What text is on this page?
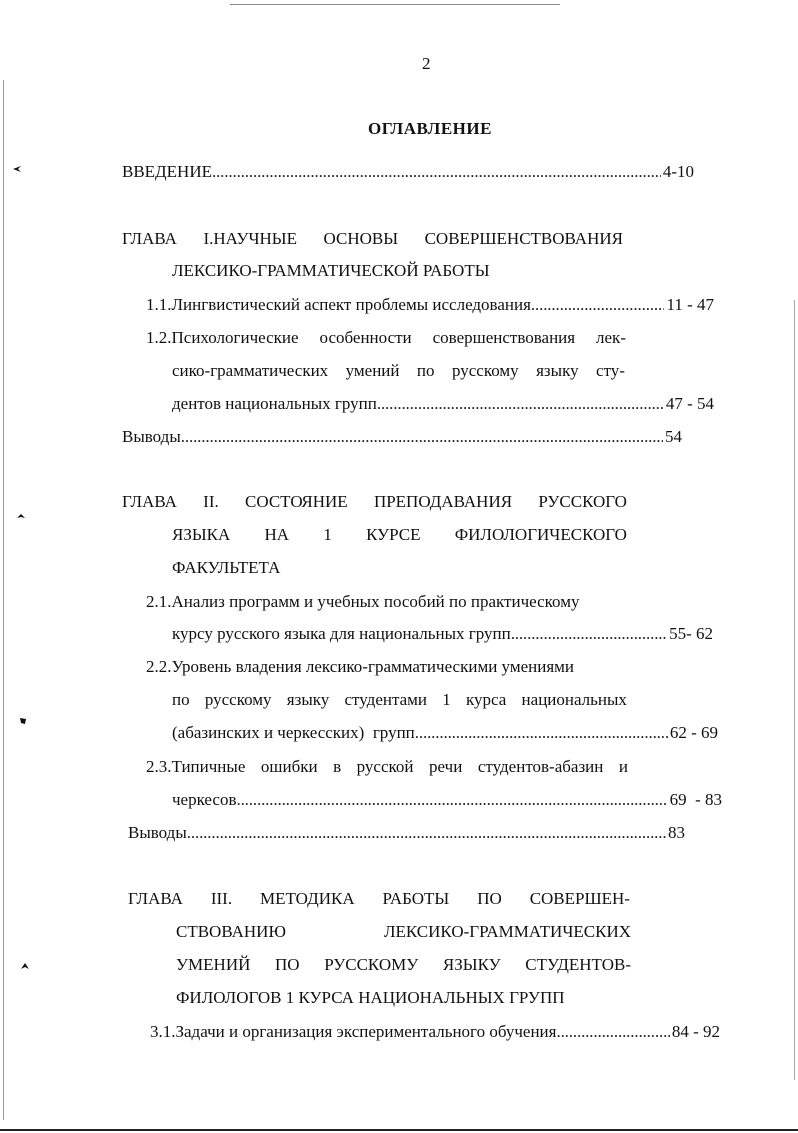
2
ОГЛАВЛЕНИЕ
ВВЕДЕНИЕ . . .	4-10
ГЛАВА I.НАУЧНЫЕ ОСНОВЫ СОВЕРШЕНСТВОВАНИЯ
ЛЕКСИКО-ГРАММАТИЧЕСКОЙ РАБОТЫ
1.1.Лингвистический аспект проблемы исследования . . .	11 - 47
1.2.Психологические особенности совершенствования лек-
сико-грамматических умений по русскому языку сту-
дентов национальных групп . . .	47 - 54
Выводы . . .	54
ГЛАВА II. СОСТОЯНИЕ ПРЕПОДАВАНИЯ РУССКОГО
ЯЗЫКА НА 1 КУРСЕ ФИЛОЛОГИЧЕСКОГО
ФАКУЛЬТЕТА
2.1.Анализ программ и учебных пособий по практическому
курсу русского языка для национальных групп . . .	55- 62
2.2.Уровень владения лексико-грамматическими умениями
по русскому языку студентами 1 курса национальных
(абазинских и черкесских)  групп . . .	62 - 69
2.3.Типичные ошибки в русской речи студентов-абазин и
черкесов . . .	69  - 83
Выводы . . .	83
ГЛАВА III. МЕТОДИКА РАБОТЫ ПО СОВЕРШЕН-
СТВОВАНИЮ	ЛЕКСИКО-ГРАММАТИЧЕСКИХ
УМЕНИЙ ПО РУССКОМУ ЯЗЫКУ СТУДЕНТОВ-
ФИЛОЛОГОВ 1 КУРСА НАЦИОНАЛЬНЫХ ГРУПП
3.1.Задачи и организация экспериментального обучения . . .	84 - 92
